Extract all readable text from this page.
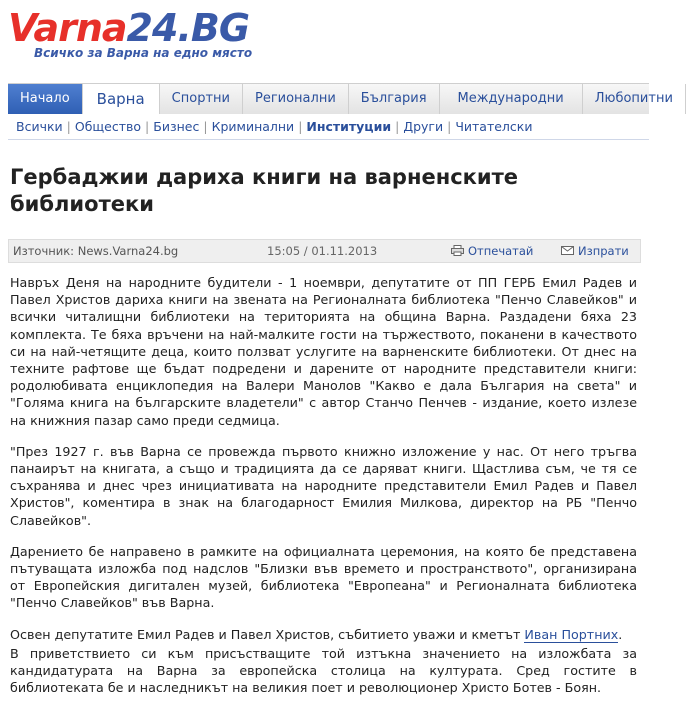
Varna24.BG
Всичко за Варна на едно място
Начало	Варна	Спортни	Регионални	България	Международни	Любопитни
Всички | Общество | Бизнес | Криминални | Институции | Други | Читателски
Гербаджии дариха книги на варненските библиотеки
Източник: News.Varna24.bg	15:05 / 01.11.2013	Отпечатай	Изпрати

Навръх Деня на народните будители - 1 ноември, депутатите от ПП ГЕРБ Емил Радев и Павел Христов дариха книги на звената на Регионалната библиотека "Пенчо Славейков" и всички читалищни библиотеки на територията на община Варна. Раздадени бяха 23 комплекта. Те бяха връчени на най-малките гости на тържеството, поканени в качеството си на най-четящите деца, които ползват услугите на варненските библиотеки. От днес на техните рафтове ще бъдат подредени и дарените от народните представители книги: родолюбивата енциклопедия на Валери Манолов "Какво е дала България на света" и "Голяма книга на българските владетели" с автор Станчо Пенчев - издание, което излезе на книжния пазар само преди седмица.

"През 1927 г. във Варна се провежда първото книжно изложение у нас. От него тръгва панаирът на книгата, а също и традицията да се даряват книги. Щастлива съм, че тя се съхранява и днес чрез инициативата на народните представители Емил Радев и Павел Христов", коментира в знак на благодарност Емилия Милкова, директор на РБ "Пенчо Славейков".

Дарението бе направено в рамките на официалната церемония, на която бе представена пътуващата изложба под надслов "Близки във времето и пространството", организирана от Европейския дигитален музей, библиотека "Европеана" и Регионалната библиотека "Пенчо Славейков" във Варна.

Освен депутатите Емил Радев и Павел Христов, събитието уважи и кметът Иван Портних.

В приветствието си към присъстващите той изтъкна значението на изложбата за кандидатурата на Варна за европейска столица на културата. Сред гостите в библиотеката бе и наследникът на великия поет и революционер Христо Ботев - Боян.
